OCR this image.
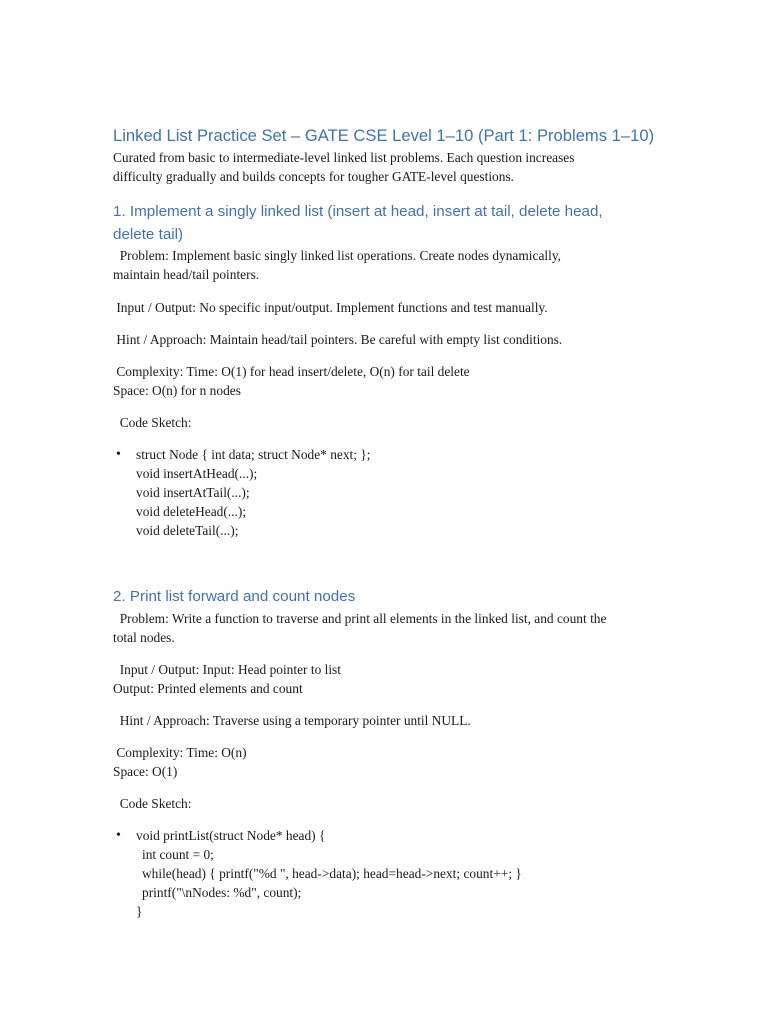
Linked List Practice Set – GATE CSE Level 1–10 (Part 1: Problems 1–10)

Curated from basic to intermediate-level linked list problems. Each question increases

difficulty gradually and builds concepts for tougher GATE-level questions.

1. Implement a singly linked list (insert at head, insert at tail, delete head,
delete tail)

Problem: Implement basic singly linked list operations. Create nodes dynamically,

maintain head/tail pointers.

Input / Output: No specific input/output. Implement functions and test manually.

Hint / Approach: Maintain head/tail pointers. Be careful with empty list conditions.

Complexity: Time: O(1) for head insert/delete, O(n) for tail delete

Space: O(n) for n nodes

Code Sketch:

• struct Node { int data; struct Node* next; };

void insertAtHead(...);

void insertAtTail(...);

void deleteHead(...);

void deleteTail(...);

2. Print list forward and count nodes

Problem: Write a function to traverse and print all elements in the linked list, and count the

total nodes.

Input / Output: Input: Head pointer to list

Output: Printed elements and count

Hint / Approach: Traverse using a temporary pointer until NULL.

Complexity: Time: O(n)

Space: O(1)

Code Sketch:

• void printList(struct Node* head) {

int count = 0;

while(head) { printf("%d ", head->data); head=head->next; count++; }

printf("\nNodes: %d", count);

}
